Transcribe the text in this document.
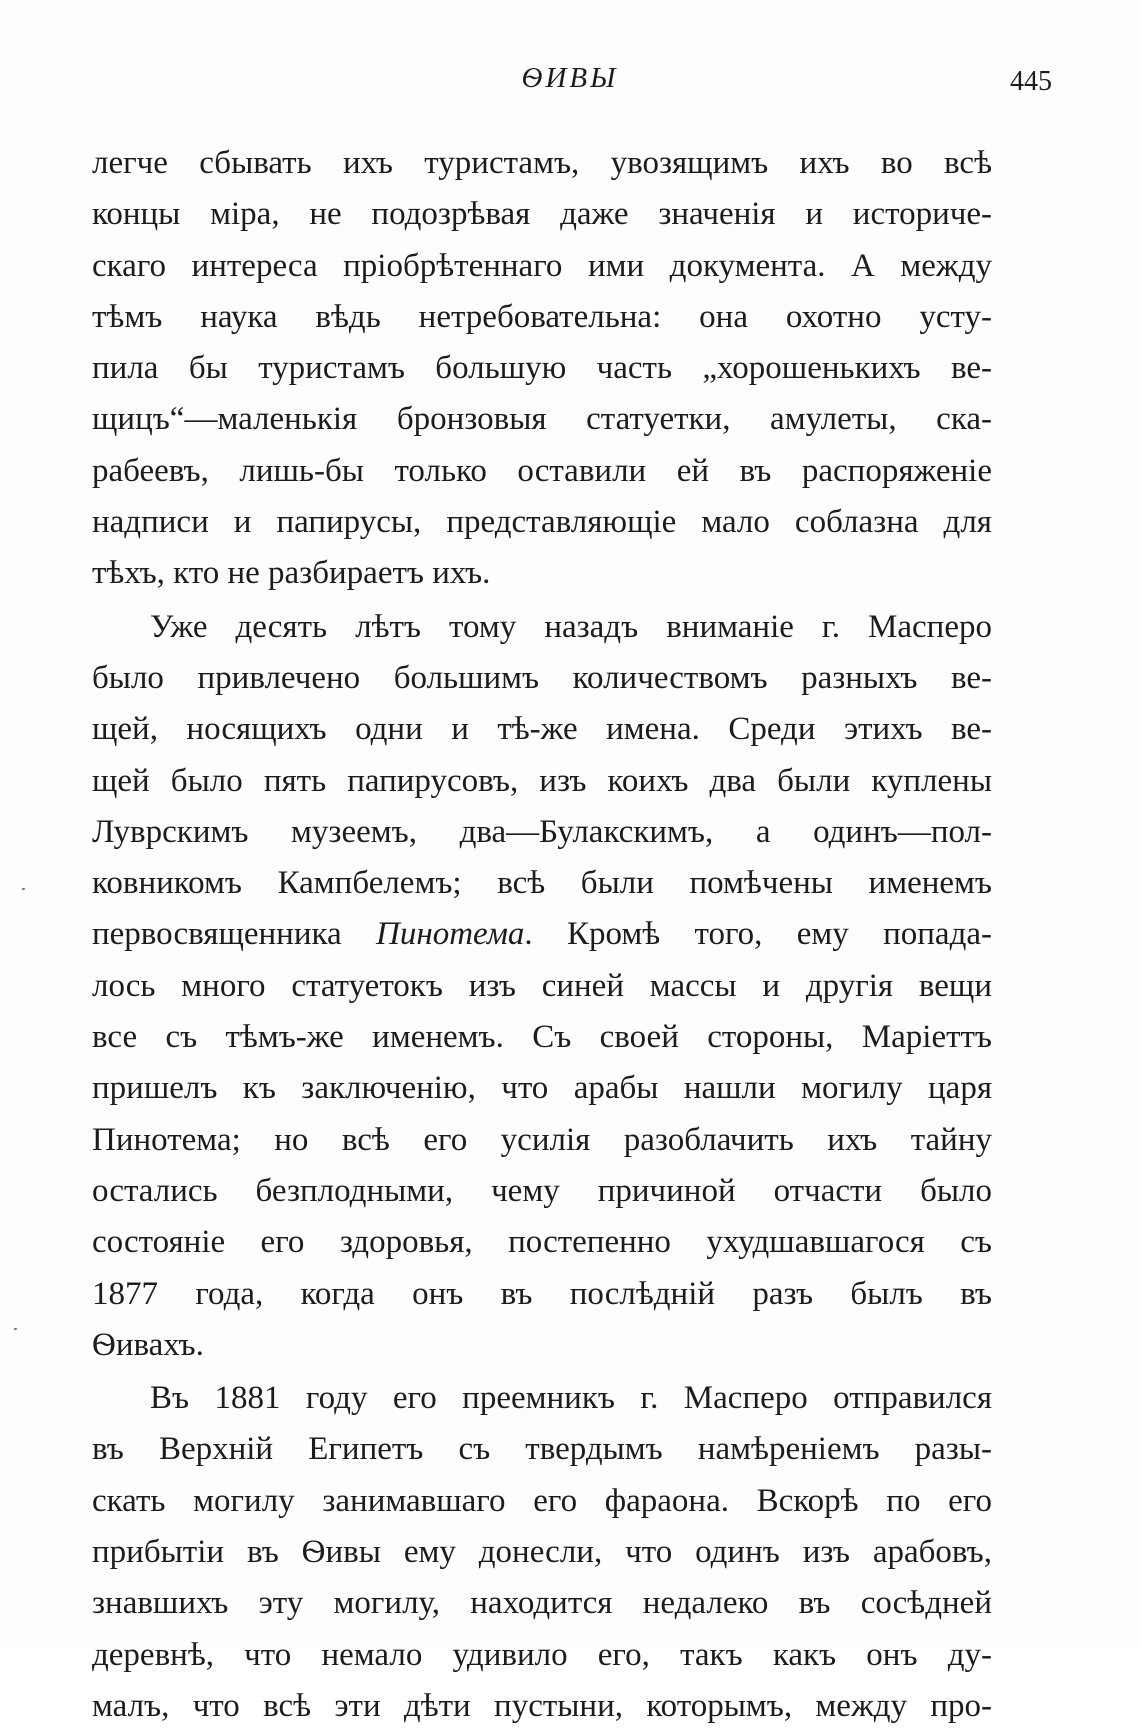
ѲИВЫ	445
легче сбывать ихъ туристамъ, увозящимъ ихъ во всѣ
концы міра, не подозрѣвая даже значенія и историче-
скаго интереса пріобрѣтеннаго ими документа. А между
тѣмъ наука вѣдь нетребовательна: она охотно усту-
пила бы туристамъ большую часть „хорошенькихъ ве-
щицъ“—маленькія бронзовыя статуетки, амулеты, ска-
рабеевъ, лишь-бы только оставили ей въ распоряженіе
надписи и папирусы, представляющіе мало соблазна для
тѣхъ, кто не разбираетъ ихъ.
Уже десять лѣтъ тому назадъ вниманіе г. Масперо
было привлечено большимъ количествомъ разныхъ ве-
щей, носящихъ одни и тѣ-же имена. Среди этихъ ве-
щей было пять папирусовъ, изъ коихъ два были куплены
Луврскимъ музеемъ, два—Булакскимъ, а одинъ—пол-
ковникомъ Кампбелемъ; всѣ были помѣчены именемъ
первосвященника Пинотема. Кромѣ того, ему попада-
лось много статуетокъ изъ синей массы и другія вещи
все съ тѣмъ-же именемъ. Съ своей стороны, Маріеттъ
пришелъ къ заключенію, что арабы нашли могилу царя
Пинотема; но всѣ его усилія разоблачить ихъ тайну
остались безплодными, чему причиной отчасти было
состояніе его здоровья, постепенно ухудшавшагося съ
1877 года, когда онъ въ послѣдній разъ былъ въ
Ѳивахъ.
Въ 1881 году его преемникъ г. Масперо отправился
въ Верхній Египетъ съ твердымъ намѣреніемъ разы-
скать могилу занимавшаго его фараона. Вскорѣ по его
прибытіи въ Ѳивы ему донесли, что одинъ изъ арабовъ,
знавшихъ эту могилу, находится недалеко въ сосѣдней
деревнѣ, что немало удивило его, такъ какъ онъ ду-
малъ, что всѣ эти дѣти пустыни, которымъ, между про-
